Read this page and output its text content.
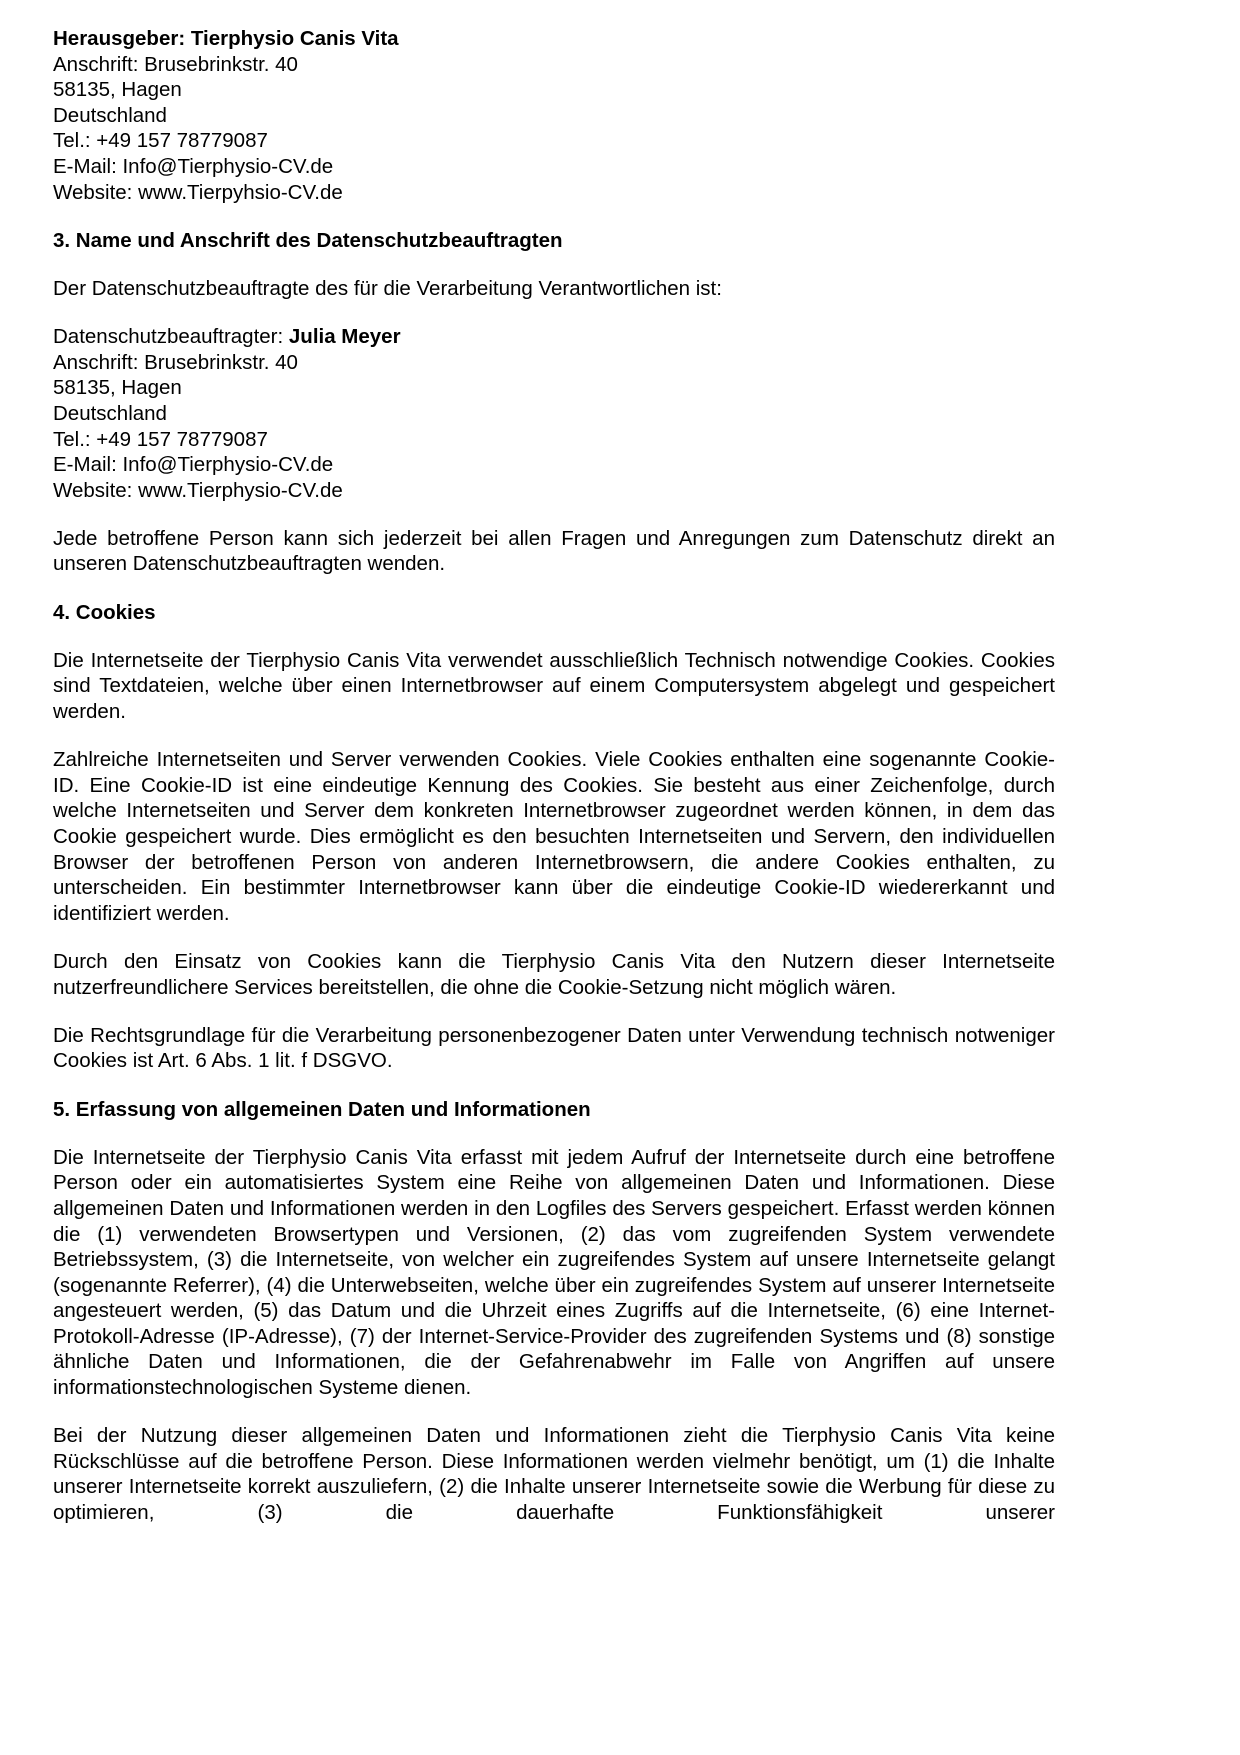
Herausgeber: Tierphysio Canis Vita
Anschrift: Brusebrinkstr. 40
58135, Hagen
Deutschland
Tel.: +49 157 78779087
E-Mail: Info@Tierphysio-CV.de
Website: www.Tierpyhsio-CV.de
3. Name und Anschrift des Datenschutzbeauftragten
Der Datenschutzbeauftragte des für die Verarbeitung Verantwortlichen ist:
Datenschutzbeauftragter: Julia Meyer
Anschrift: Brusebrinkstr. 40
58135, Hagen
Deutschland
Tel.: +49 157 78779087
E-Mail: Info@Tierphysio-CV.de
Website: www.Tierphysio-CV.de

Jede betroffene Person kann sich jederzeit bei allen Fragen und Anregungen zum Datenschutz direkt an unseren Datenschutzbeauftragten wenden.

4. Cookies

Die Internetseite der Tierphysio Canis Vita verwendet ausschließlich Technisch notwendige Cookies. Cookies sind Textdateien, welche über einen Internetbrowser auf einem Computersystem abgelegt und gespeichert werden.

Zahlreiche Internetseiten und Server verwenden Cookies. Viele Cookies enthalten eine sogenannte Cookie-ID. Eine Cookie-ID ist eine eindeutige Kennung des Cookies. Sie besteht aus einer Zeichenfolge, durch welche Internetseiten und Server dem konkreten Internetbrowser zugeordnet werden können, in dem das Cookie gespeichert wurde. Dies ermöglicht es den besuchten Internetseiten und Servern, den individuellen Browser der betroffenen Person von anderen Internetbrowsern, die andere Cookies enthalten, zu unterscheiden. Ein bestimmter Internetbrowser kann über die eindeutige Cookie-ID wiedererkannt und identifiziert werden.

Durch den Einsatz von Cookies kann die Tierphysio Canis Vita den Nutzern dieser Internetseite nutzerfreundlichere Services bereitstellen, die ohne die Cookie-Setzung nicht möglich wären.

Die Rechtsgrundlage für die Verarbeitung personenbezogener Daten unter Verwendung technisch notweniger Cookies ist Art. 6 Abs. 1 lit. f DSGVO.

5. Erfassung von allgemeinen Daten und Informationen

Die Internetseite der Tierphysio Canis Vita erfasst mit jedem Aufruf der Internetseite durch eine betroffene Person oder ein automatisiertes System eine Reihe von allgemeinen Daten und Informationen. Diese allgemeinen Daten und Informationen werden in den Logfiles des Servers gespeichert. Erfasst werden können die (1) verwendeten Browsertypen und Versionen, (2) das vom zugreifenden System verwendete Betriebssystem, (3) die Internetseite, von welcher ein zugreifendes System auf unsere Internetseite gelangt (sogenannte Referrer), (4) die Unterwebseiten, welche über ein zugreifendes System auf unserer Internetseite angesteuert werden, (5) das Datum und die Uhrzeit eines Zugriffs auf die Internetseite, (6) eine Internet-Protokoll-Adresse (IP-Adresse), (7) der Internet-Service-Provider des zugreifenden Systems und (8) sonstige ähnliche Daten und Informationen, die der Gefahrenabwehr im Falle von Angriffen auf unsere informationstechnologischen Systeme dienen.

Bei der Nutzung dieser allgemeinen Daten und Informationen zieht die Tierphysio Canis Vita keine Rückschlüsse auf die betroffene Person. Diese Informationen werden vielmehr benötigt, um (1) die Inhalte unserer Internetseite korrekt auszuliefern, (2) die Inhalte unserer Internetseite sowie die Werbung für diese zu optimieren, (3) die dauerhafte Funktionsfähigkeit unserer
